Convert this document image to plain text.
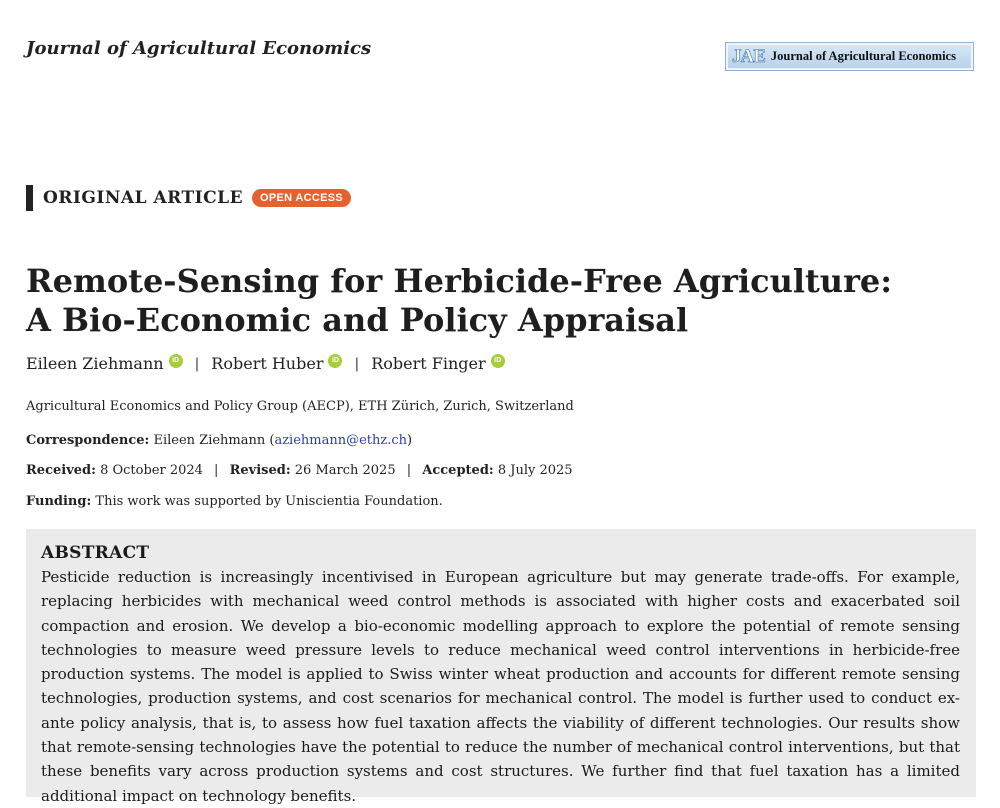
Journal of Agricultural Economics	JAE Journal of Agricultural Economics
ORIGINAL ARTICLE	OPEN ACCESS
Remote-Sensing for Herbicide-Free Agriculture:
A Bio-Economic and Policy Appraisal
Eileen Ziehmann	iD | Robert Huber	iD | Robert Finger	iD
Agricultural Economics and Policy Group (AECP), ETH Zürich, Zurich, Switzerland
Correspondence: Eileen Ziehmann (aziehmann@ethz.ch)
Received: 8 October 2024 | Revised: 26 March 2025 | Accepted: 8 July 2025
Funding: This work was supported by Uniscientia Foundation.
ABSTRACT

Pesticide reduction is increasingly incentivised in European agriculture but may generate trade-offs. For example, replacing herbicides with mechanical weed control methods is associated with higher costs and exacerbated soil compaction and erosion. We develop a bio-economic modelling approach to explore the potential of remote sensing technologies to measure weed pressure levels to reduce mechanical weed control interventions in herbicide-free production systems. The model is applied to Swiss winter wheat production and accounts for different remote sensing technologies, production systems, and cost scenarios for mechanical control. The model is further used to conduct ex-ante policy analysis, that is, to assess how fuel taxation affects the viability of different technologies. Our results show that remote-sensing technologies have the potential to reduce the number of mechanical control interventions, but that these benefits vary across production systems and cost structures. We further find that fuel taxation has a limited additional impact on technology benefits.
